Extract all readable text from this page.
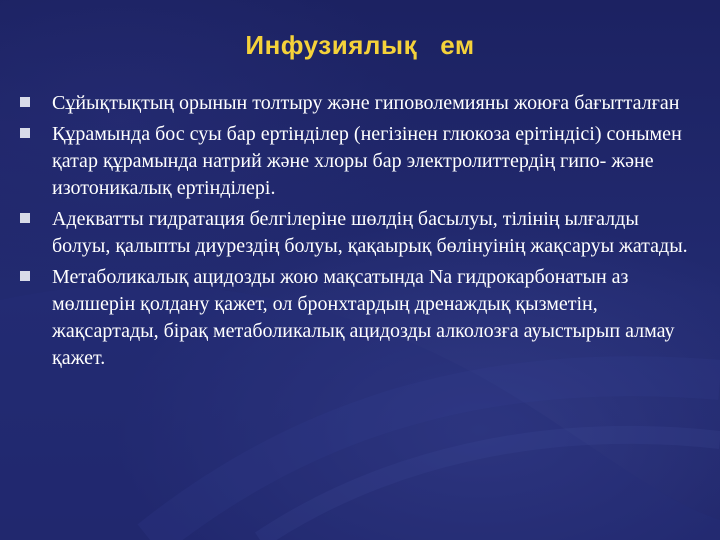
Инфузиялық   ем
Сұйықтықтың орынын толтыру және гиповолемияны жоюға бағытталған
Құрамында бос суы бар ертінділер (негізінен глюкоза ерітіндісі) сонымен қатар құрамында натрий және хлоры бар электролиттердің гипо- және изотоникалық ертінділері.
Адекватты гидратация белгілеріне шөлдің басылуы, тілінің ылғалды болуы, қалыпты диурездің болуы, қақаырық бөлінуінің жақсаруы жатады.
Метаболикалық ацидозды жою мақсатында Na гидрокарбонатын аз мөлшерін қолдану қажет, ол бронхтардың дренаждық қызметін, жақсартады, бірақ метаболикалық ацидозды алколозға ауыстырып алмау қажет.
